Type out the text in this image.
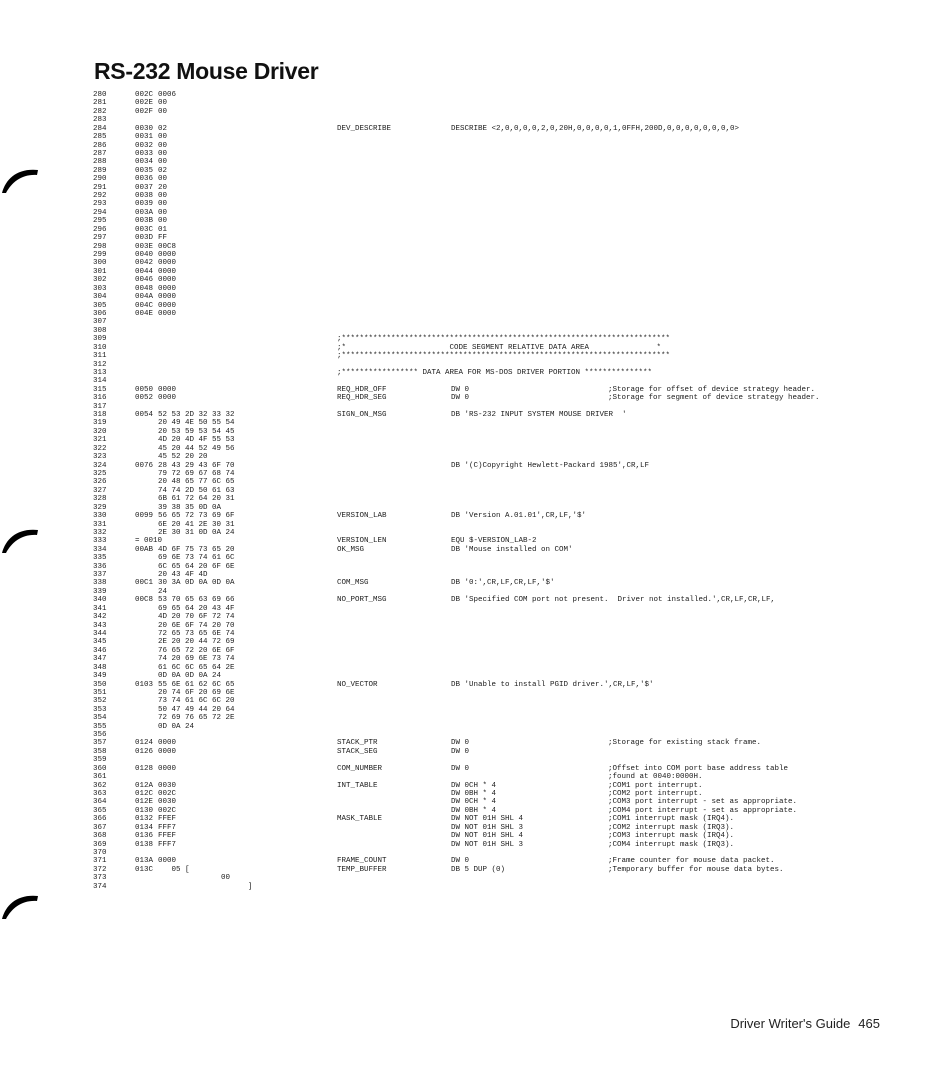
RS-232 Mouse Driver
280	002C 0006
281	002E 00
282	002F 00
283
284	0030 02	DEV_DESCRIBE	DESCRIBE <2,0,0,0,0,2,0,20H,0,0,0,0,1,0FFH,200D,0,0,0,0,0,0,0,0>
285	0031 00
286	0032 00
287	0033 00
288	0034 00
289	0035 02
290	0036 00
291	0037 20
292	0038 00
293	0039 00
294	003A 00
295	003B 00
296	003C 01
297	003D FF
298	003E 00C8
299	0040 0000
300	0042 0000
301	0044 0000
302	0046 0000
303	0048 0000
304	004A 0000
305	004C 0000
306	004E 0000
307
308
309	;*************************************************************************
310	;*                       CODE SEGMENT RELATIVE DATA AREA               *
311	;*************************************************************************
312
313	;***************** DATA AREA FOR MS-DOS DRIVER PORTION ***************
314
315	0050 0000	REQ_HDR_OFF	DW 0	;Storage for offset of device strategy header.
316	0052 0000	REQ_HDR_SEG	DW 0	;Storage for segment of device strategy header.
317
318	0054 52 53 2D 32 33 32	SIGN_ON_MSG	DB 'RS-232 INPUT SYSTEM MOUSE DRIVER  '
319	20 49 4E 50 55 54
320	20 53 59 53 54 45
321	4D 20 4D 4F 55 53
322	45 20 44 52 49 56
323	45 52 20 20
324	0076 28 43 29 43 6F 70	DB '(C)Copyright Hewlett-Packard 1985',CR,LF
325	79 72 69 67 68 74
326	20 48 65 77 6C 65
327	74 74 2D 50 61 63
328	6B 61 72 64 20 31
329	39 38 35 0D 0A
330	0099 56 65 72 73 69 6F	VERSION_LAB	DB 'Version A.01.01',CR,LF,'$'
331	6E 20 41 2E 30 31
332	2E 30 31 0D 0A 24
333	= 0010	VERSION_LEN	EQU $-VERSION_LAB-2
334	00AB 4D 6F 75 73 65 20	OK_MSG	DB 'Mouse installed on COM'
335	69 6E 73 74 61 6C
336	6C 65 64 20 6F 6E
337	20 43 4F 4D
338	00C1 30 3A 0D 0A 0D 0A	COM_MSG	DB '0:',CR,LF,CR,LF,'$'
339	24
340	00C8 53 70 65 63 69 66	NO_PORT_MSG	DB 'Specified COM port not present.  Driver not installed.',CR,LF,CR,LF,
341	69 65 64 20 43 4F
342	4D 20 70 6F 72 74
343	20 6E 6F 74 20 70
344	72 65 73 65 6E 74
345	2E 20 20 44 72 69
346	76 65 72 20 6E 6F
347	74 20 69 6E 73 74
348	61 6C 6C 65 64 2E
349	0D 0A 0D 0A 24
350	0103 55 6E 61 62 6C 65	NO_VECTOR	DB 'Unable to install PGID driver.',CR,LF,'$'
351	20 74 6F 20 69 6E
352	73 74 61 6C 6C 20
353	50 47 49 44 20 64
354	72 69 76 65 72 2E
355	0D 0A 24
356
357	0124 0000	STACK_PTR	DW 0	;Storage for existing stack frame.
358	0126 0000	STACK_SEG	DW 0
359
360	0128 0000	COM_NUMBER	DW 0	;Offset into COM port base address table
361	;found at 0040:0000H.
362	012A 0030	INT_TABLE	DW 0CH * 4	;COM1 port interrupt.
363	012C 002C	DW 0BH * 4	;COM2 port interrupt.
364	012E 0030	DW 0CH * 4	;COM3 port interrupt - set as appropriate.
365	0130 002C	DW 0BH * 4	;COM4 port interrupt - set as appropriate.
366	0132 FFEF	MASK_TABLE	DW NOT 01H SHL 4	;COM1 interrupt mask (IRQ4).
367	0134 FFF7	DW NOT 01H SHL 3	;COM2 interrupt mask (IRQ3).
368	0136 FFEF	DW NOT 01H SHL 4	;COM3 interrupt mask (IRQ4).
369	0138 FFF7	DW NOT 01H SHL 3	;COM4 interrupt mask (IRQ3).
370
371	013A 0000	FRAME_COUNT	DW 0	;Frame counter for mouse data packet.
372	013C 05 [	TEMP_BUFFER	DB 5 DUP (0)	;Temporary buffer for mouse data bytes.
373	00
374	]
Driver Writer's Guide 465
